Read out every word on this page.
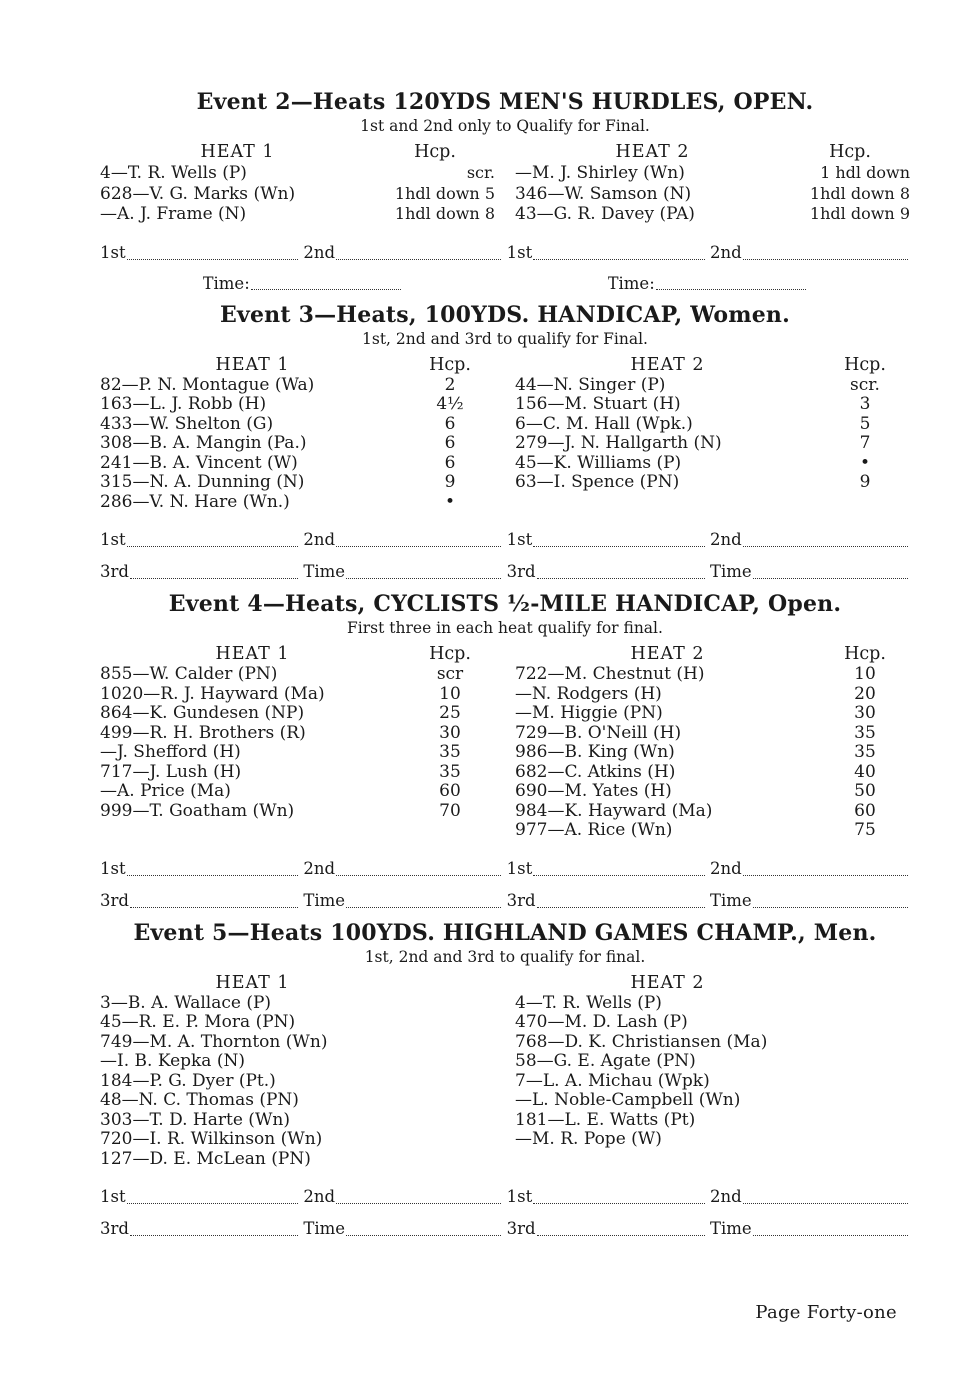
Event 2—Heats 120YDS MEN'S HURDLES, OPEN.
1st and 2nd only to Qualify for Final.
HEAT 1	Hcp.
4—T. R. Wells (P)	scr.
628—V. G. Marks (Wn)	1hdl down 5
—A. J. Frame (N)	1hdl down 8
HEAT 2	Hcp.
—M. J. Shirley (Wn)	1 hdl down
346—W. Samson (N)	1hdl down 8
43—G. R. Davey (PA)	1hdl down 9
1st	2nd	1st	2nd
Time:	Time:
Event 3—Heats, 100YDS. HANDICAP, Women.
1st, 2nd and 3rd to qualify for Final.
HEAT 1	Hcp.
82—P. N. Montague (Wa)	2
163—L. J. Robb (H)	4½
433—W. Shelton (G)	6
308—B. A. Mangin (Pa.)	6
241—B. A. Vincent (W)	6
315—N. A. Dunning (N)	9
286—V. N. Hare (Wn.)	•
HEAT 2	Hcp.
44—N. Singer (P)	scr.
156—M. Stuart (H)	3
6—C. M. Hall (Wpk.)	5
279—J. N. Hallgarth (N)	7
45—K. Williams (P)	•
63—I. Spence (PN)	9
1st	2nd	1st	2nd
3rd	Time	3rd	Time
Event 4—Heats, CYCLISTS ½-MILE HANDICAP, Open.
First three in each heat qualify for final.
HEAT 1	Hcp.
855—W. Calder (PN)	scr
1020—R. J. Hayward (Ma)	10
864—K. Gundesen (NP)	25
499—R. H. Brothers (R)	30
—J. Shefford (H)	35
717—J. Lush (H)	35
—A. Price (Ma)	60
999—T. Goatham (Wn)	70
HEAT 2	Hcp.
722—M. Chestnut (H)	10
—N. Rodgers (H)	20
—M. Higgie (PN)	30
729—B. O'Neill (H)	35
986—B. King (Wn)	35
682—C. Atkins (H)	40
690—M. Yates (H)	50
984—K. Hayward (Ma)	60
977—A. Rice (Wn)	75
1st	2nd	1st	2nd
3rd	Time	3rd	Time
Event 5—Heats 100YDS. HIGHLAND GAMES CHAMP., Men.
1st, 2nd and 3rd to qualify for final.
HEAT 1
3—B. A. Wallace (P)
45—R. E. P. Mora (PN)
749—M. A. Thornton (Wn)
—I. B. Kepka (N)
184—P. G. Dyer (Pt.)
48—N. C. Thomas (PN)
303—T. D. Harte (Wn)
720—I. R. Wilkinson (Wn)
127—D. E. McLean (PN)
HEAT 2
4—T. R. Wells (P)
470—M. D. Lash (P)
768—D. K. Christiansen (Ma)
58—G. E. Agate (PN)
7—L. A. Michau (Wpk)
—L. Noble-Campbell (Wn)
181—L. E. Watts (Pt)
—M. R. Pope (W)
1st	2nd	1st	2nd
3rd	Time	3rd	Time
Page Forty-one
